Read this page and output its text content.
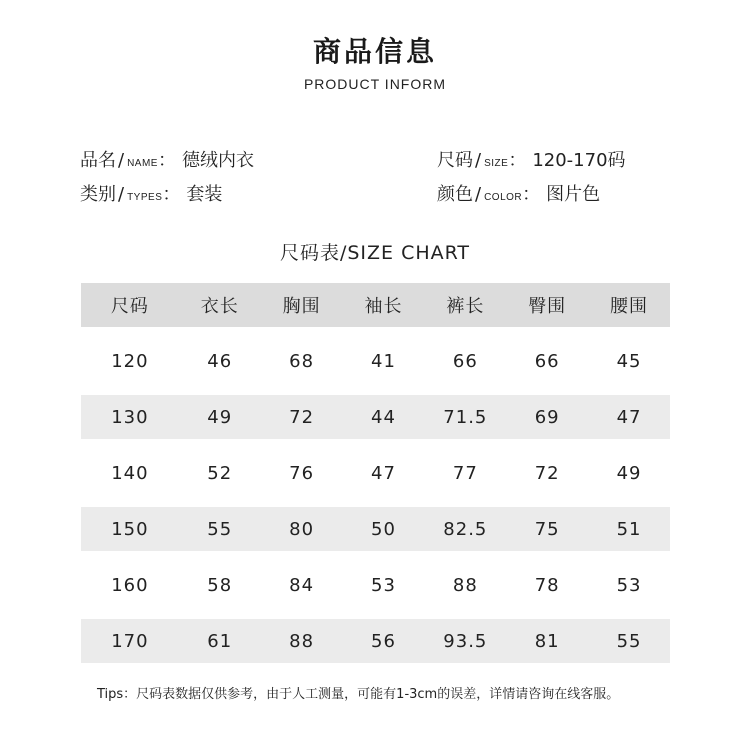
商品信息
PRODUCT INFORM
品名 / NAME： 德绒内衣	尺码 / SIZE： 120-170码
类别 / TYPES： 套装	颜色 / COLOR： 图片色
尺码表/SIZE CHART
尺码	衣长	胸围	袖长	裤长	臀围	腰围
120	46	68	41	66	66	45
130	49	72	44	71.5	69	47
140	52	76	47	77	72	49
150	55	80	50	82.5	75	51
160	58	84	53	88	78	53
170	61	88	56	93.5	81	55
Tips：尺码表数据仅供参考，由于人工测量，可能有1-3cm的误差，详情请咨询在线客服。
